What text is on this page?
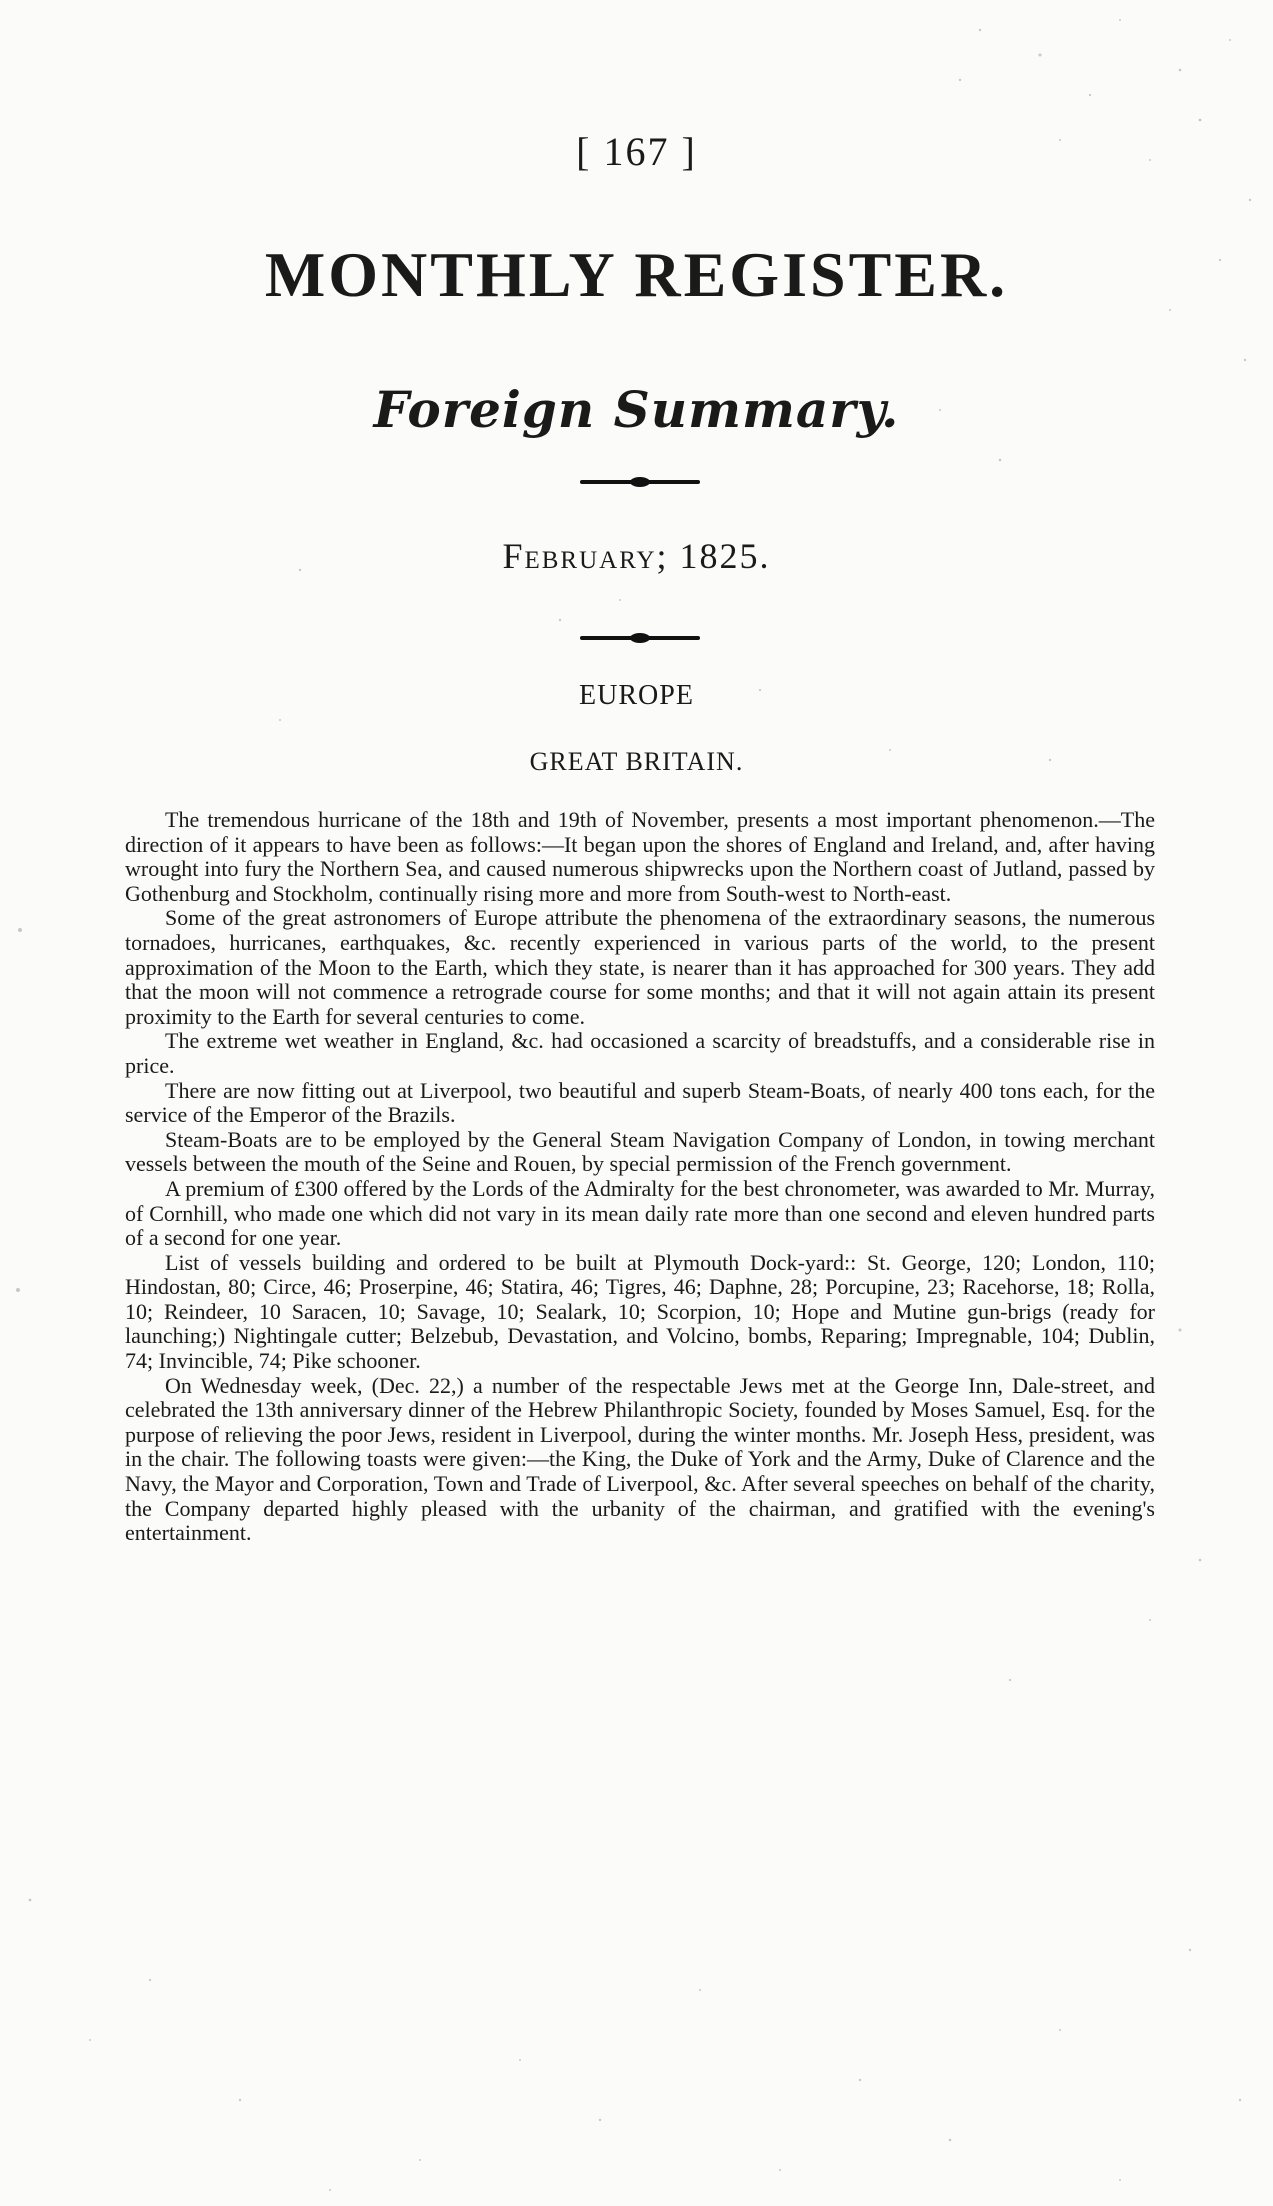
[ 167 ]
MONTHLY REGISTER.
Foreign Summary.
February; 1825.
EUROPE
GREAT BRITAIN.

The tremendous hurricane of the 18th and 19th of November, presents a most important phenomenon.—The direction of it appears to have been as follows:—It began upon the shores of England and Ireland, and, after having wrought into fury the Northern Sea, and caused numerous shipwrecks upon the Northern coast of Jutland, passed by Gothenburg and Stockholm, continually rising more and more from South-west to North-east.

Some of the great astronomers of Europe attribute the phenomena of the extraordinary seasons, the numerous tornadoes, hurricanes, earthquakes, &c. recently experienced in various parts of the world, to the present approximation of the Moon to the Earth, which they state, is nearer than it has approached for 300 years. They add that the moon will not commence a retrograde course for some months; and that it will not again attain its present proximity to the Earth for several centuries to come.

The extreme wet weather in England, &c. had occasioned a scarcity of breadstuffs, and a considerable rise in price.

There are now fitting out at Liverpool, two beautiful and superb Steam-Boats, of nearly 400 tons each, for the service of the Emperor of the Brazils.

Steam-Boats are to be employed by the General Steam Navigation Company of London, in towing merchant vessels between the mouth of the Seine and Rouen, by special permission of the French government.

A premium of £300 offered by the Lords of the Admiralty for the best chronometer, was awarded to Mr. Murray, of Cornhill, who made one which did not vary in its mean daily rate more than one second and eleven hundred parts of a second for one year.

List of vessels building and ordered to be built at Plymouth Dock-yard:: St. George, 120; London, 110; Hindostan, 80; Circe, 46; Proserpine, 46; Statira, 46; Tigres, 46; Daphne, 28; Porcupine, 23; Racehorse, 18; Rolla, 10; Reindeer, 10 Saracen, 10; Savage, 10; Sealark, 10; Scorpion, 10; Hope and Mutine gun-brigs (ready for launching;) Nightingale cutter; Belzebub, Devastation, and Volcino, bombs, Reparing; Impregnable, 104; Dublin, 74; Invincible, 74; Pike schooner.

On Wednesday week, (Dec. 22,) a number of the respectable Jews met at the George Inn, Dale-street, and celebrated the 13th anniversary dinner of the Hebrew Philanthropic Society, founded by Moses Samuel, Esq. for the purpose of relieving the poor Jews, resident in Liverpool, during the winter months. Mr. Joseph Hess, president, was in the chair. The following toasts were given:—the King, the Duke of York and the Army, Duke of Clarence and the Navy, the Mayor and Corporation, Town and Trade of Liverpool, &c. After several speeches on behalf of the charity, the Company departed highly pleased with the urbanity of the chairman, and gratified with the evening's entertainment.
